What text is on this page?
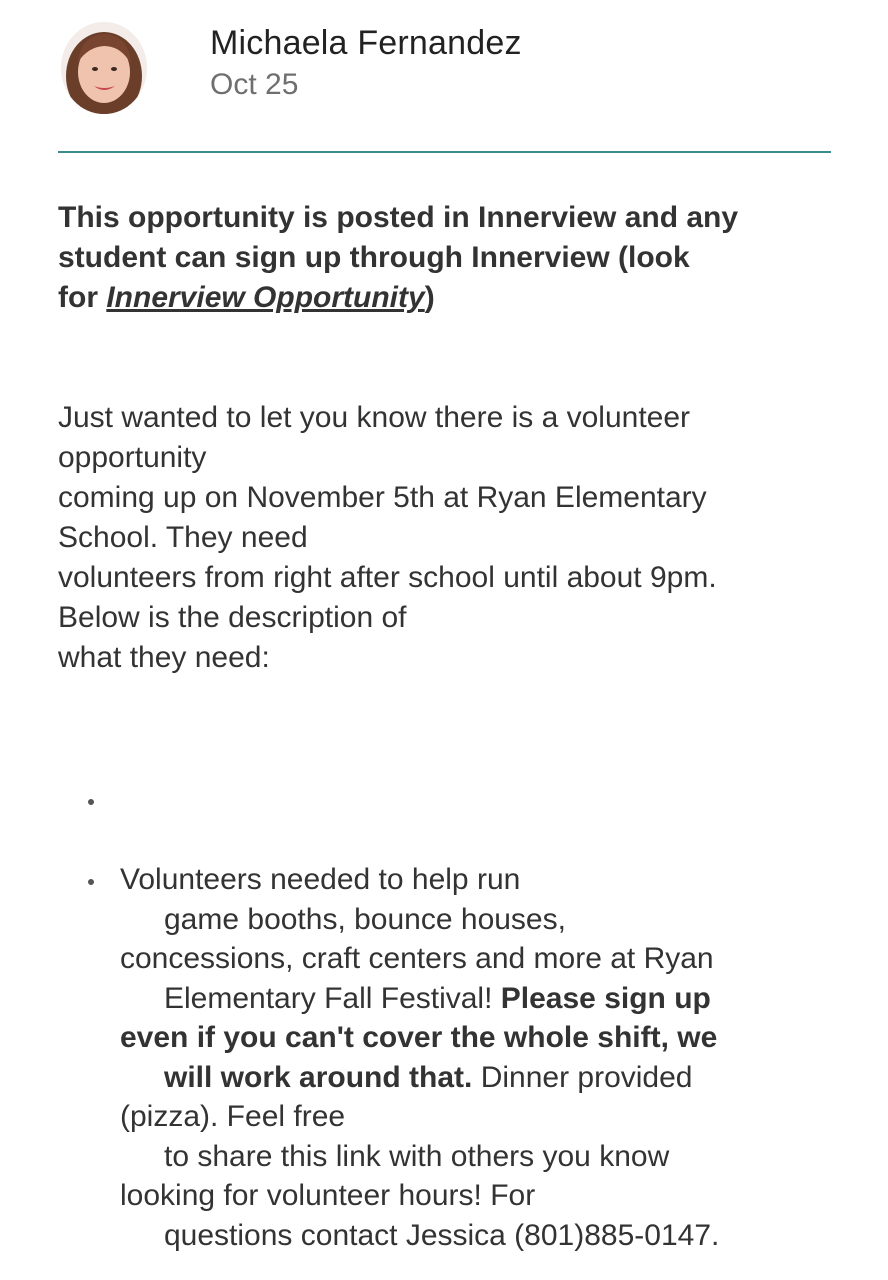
Michaela Fernandez
Oct 25

This opportunity is posted in Innerview and any
student can sign up through Innerview (look
for Innerview Opportunity)

Just wanted to let you know there is a volunteer
opportunity
coming up on November 5th at Ryan Elementary
School. They need
volunteers from right after school until about 9pm.
Below is the description of
what they need:
Volunteers needed to help run
game booths, bounce houses,
concessions, craft centers and more at Ryan
Elementary Fall Festival! Please sign up
even if you can't cover the whole shift, we
will work around that. Dinner provided
(pizza). Feel free
to share this link with others you know
looking for volunteer hours! For
questions contact Jessica (801)885-0147.
